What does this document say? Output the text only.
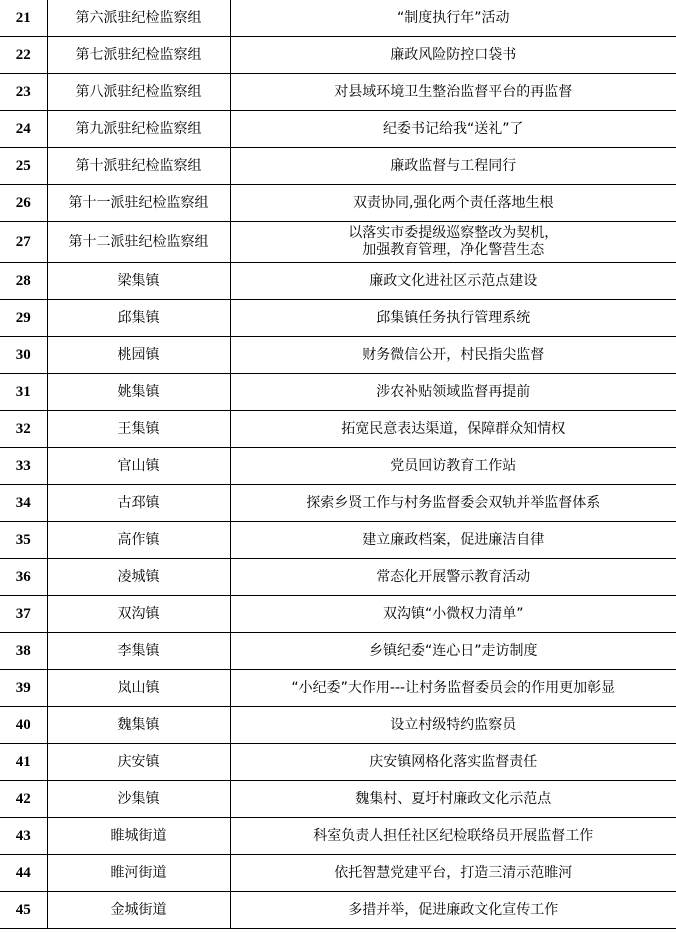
21	第六派驻纪检监察组	“制度执行年”活动
22	第七派驻纪检监察组	廉政风险防控口袋书
23	第八派驻纪检监察组	对县域环境卫生整治监督平台的再监督
24	第九派驻纪检监察组	纪委书记给我“送礼”了
25	第十派驻纪检监察组	廉政监督与工程同行
26	第十一派驻纪检监察组	双责协同,强化两个责任落地生根
27	第十二派驻纪检监察组	以落实市委提级巡察整改为契机，
加强教育管理，净化警营生态

28	梁集镇	廉政文化进社区示范点建设
29	邱集镇	邱集镇任务执行管理系统
30	桃园镇	财务微信公开，村民指尖监督
31	姚集镇	涉农补贴领域监督再提前
32	王集镇	拓宽民意表达渠道，保障群众知情权
33	官山镇	党员回访教育工作站
34	古邳镇	探索乡贤工作与村务监督委会双轨并举监督体系
35	高作镇	建立廉政档案，促进廉洁自律
36	凌城镇	常态化开展警示教育活动
37	双沟镇	双沟镇“小微权力清单”
38	李集镇	乡镇纪委“连心日”走访制度
39	岚山镇	“小纪委”大作用---让村务监督委员会的作用更加彰显
40	魏集镇	设立村级特约监察员
41	庆安镇	庆安镇网格化落实监督责任
42	沙集镇	魏集村、夏圩村廉政文化示范点
43	睢城街道	科室负责人担任社区纪检联络员开展监督工作
44	睢河街道	依托智慧党建平台，打造三清示范睢河
45	金城街道	多措并举，促进廉政文化宣传工作
